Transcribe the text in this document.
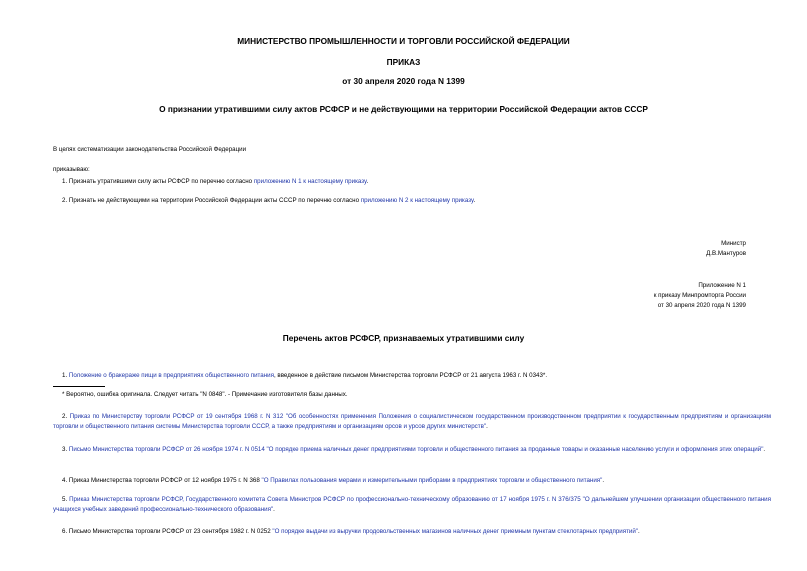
МИНИСТЕРСТВО ПРОМЫШЛЕННОСТИ И ТОРГОВЛИ РОССИЙСКОЙ ФЕДЕРАЦИИ
ПРИКАЗ
от 30 апреля 2020 года N 1399
О признании утратившими силу актов РСФСР и не действующими на территории Российской Федерации актов СССР
В целях систематизации законодательства Российской Федерации
приказываю:
1. Признать утратившими силу акты РСФСР по перечню согласно приложению N 1 к настоящему приказу.
2. Признать не действующими на территории Российской Федерации акты СССР по перечню согласно приложению N 2 к настоящему приказу.
Министр
Д.В.Мантуров
Приложение N 1
к приказу Минпромторга России
от 30 апреля 2020 года N 1399
Перечень актов РСФСР, признаваемых утратившими силу
1. Положение о бракераже пищи в предприятиях общественного питания, введенное в действие письмом Министерства торговли РСФСР от 21 августа 1963 г. N 0343*.
* Вероятно, ошибка оригинала. Следует читать "N 0848". - Примечание изготовителя базы данных.
2. Приказ по Министерству торговли РСФСР от 19 сентября 1968 г. N 312 "Об особенностях применения Положения о социалистическом государственном производственном предприятии к государственным предприятиям и организациям торговли и общественного питания системы Министерства торговли СССР, а также предприятиям и организациям орсов и урсов других министерств".
3. Письмо Министерства торговли РСФСР от 26 ноября 1974 г. N 0514 "О порядке приема наличных денег предприятиями торговли и общественного питания за проданные товары и оказанные населению услуги и оформления этих операций".
4. Приказ Министерства торговли РСФСР от 12 ноября 1975 г. N 368 "О Правилах пользования мерами и измерительными приборами в предприятиях торговли и общественного питания".
5. Приказ Министерства торговли РСФСР, Государственного комитета Совета Министров РСФСР по профессионально-техническому образованию от 17 ноября 1975 г. N 376/375 "О дальнейшем улучшении организации общественного питания учащихся учебных заведений профессионально-технического образования".
6. Письмо Министерства торговли РСФСР от 23 сентября 1982 г. N 0252 "О порядке выдачи из выручки продовольственных магазинов наличных денег приемным пунктам стеклотарных предприятий".
